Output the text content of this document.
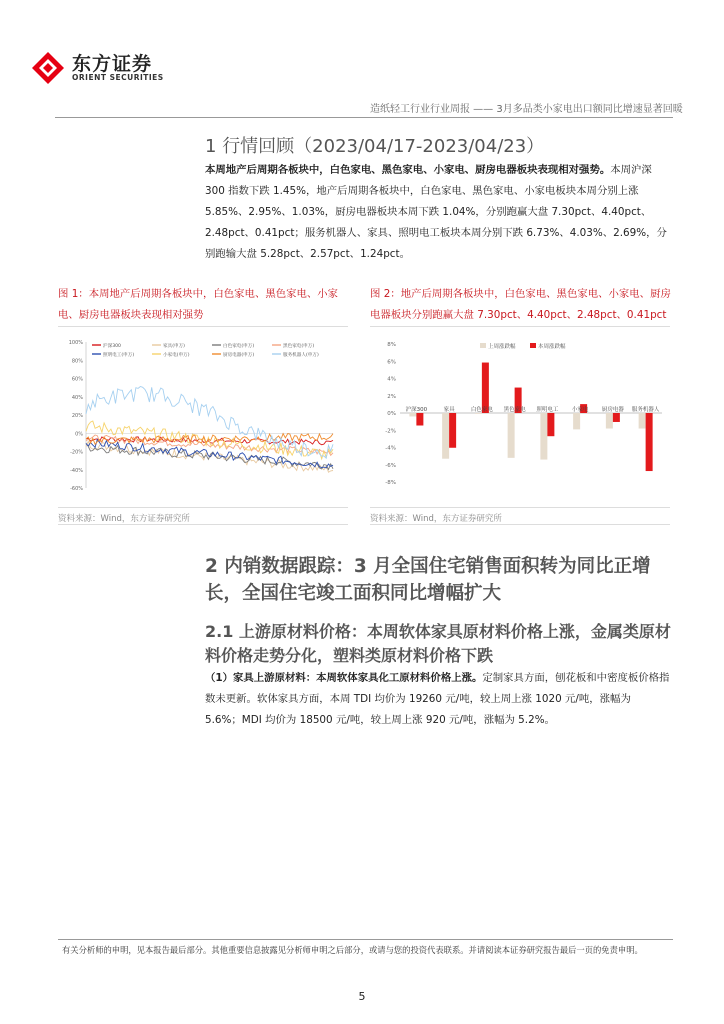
东方证券
ORIENT SECURITIES
造纸轻工行业行业周报 —— 3月多品类小家电出口额同比增速显著回暖
1 行情回顾（2023/04/17-2023/04/23）
本周地产后周期各板块中，白色家电、黑色家电、小家电、厨房电器板块表现相对强势。本周沪深 300 指数下跌 1.45%，地产后周期各板块中，白色家电、黑色家电、小家电板块本周分别上涨 5.85%、2.95%、1.03%，厨房电器板块本周下跌 1.04%，分别跑赢大盘 7.30pct、4.40pct、2.48pct、0.41pct；服务机器人、家具、照明电工板块本周分别下跌 6.73%、4.03%、2.69%，分别跑输大盘 5.28pct、2.57pct、1.24pct。
图 1：本周地产后周期各板块中，白色家电、黑色家电、小家电、厨房电器板块表现相对强势
100%
80%
60%
40%
20%
0%
-20%
-40%
-60%
沪深300	家具(申万)	白色家电(申万)	黑色家电(申万)
照明电工(申万)	小家电(申万)	厨房电器(申万)	服务机器人(申万)
资料来源：Wind，东方证券研究所
图 2：地产后周期各板块中，白色家电、黑色家电、小家电、厨房电器板块分别跑赢大盘 7.30pct、4.40pct、2.48pct、0.41pct
8%
6%
4%
2%
0%
-2%
-4%
-6%
-8%
上周涨跌幅	本周涨跌幅
沪深300	家具	白色家电 黑色家电 照明电工 小家电 厨房电器 服务机器人
资料来源：Wind，东方证券研究所
2 内销数据跟踪：3 月全国住宅销售面积转为同比正增长，全国住宅竣工面积同比增幅扩大
2.1 上游原材料价格：本周软体家具原材料价格上涨，金属类原材料价格走势分化，塑料类原材料价格下跌
（1）家具上游原材料：本周软体家具化工原材料价格上涨。定制家具方面，刨花板和中密度板价格指数未更新。软体家具方面，本周 TDI 均价为 19260 元/吨，较上周上涨 1020 元/吨，涨幅为 5.6%；MDI 均价为 18500 元/吨，较上周上涨 920 元/吨，涨幅为 5.2%。
有关分析师的申明，见本报告最后部分。其他重要信息披露见分析师申明之后部分，或请与您的投资代表联系。并请阅读本证券研究报告最后一页的免责申明。
5
